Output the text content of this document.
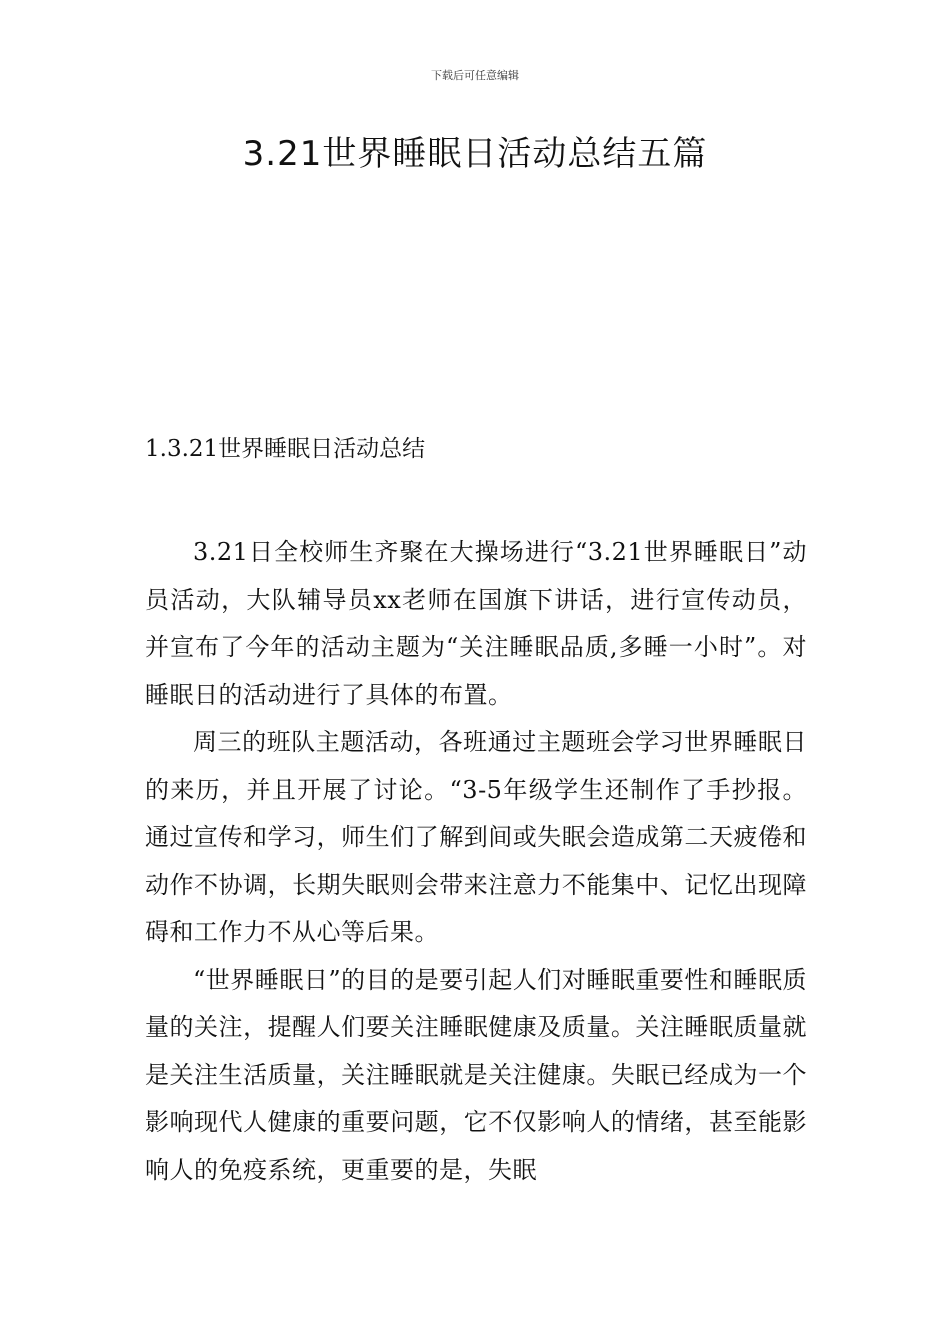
下载后可任意编辑
3.21世界睡眠日活动总结五篇
1.3.21世界睡眠日活动总结

3.21日全校师生齐聚在大操场进行“3.21世界睡眠日”动员活动，大队辅导员xx老师在国旗下讲话，进行宣传动员，并宣布了今年的活动主题为“关注睡眠品质,多睡一小时”。对睡眠日的活动进行了具体的布置。

周三的班队主题活动，各班通过主题班会学习世界睡眠日的来历，并且开展了讨论。“3-5年级学生还制作了手抄报。通过宣传和学习，师生们了解到间或失眠会造成第二天疲倦和动作不协调，长期失眠则会带来注意力不能集中、记忆出现障碍和工作力不从心等后果。

“世界睡眠日”的目的是要引起人们对睡眠重要性和睡眠质量的关注，提醒人们要关注睡眠健康及质量。关注睡眠质量就是关注生活质量，关注睡眠就是关注健康。失眠已经成为一个影响现代人健康的重要问题，它不仅影响人的情绪，甚至能影响人的免疫系统，更重要的是，失眠
